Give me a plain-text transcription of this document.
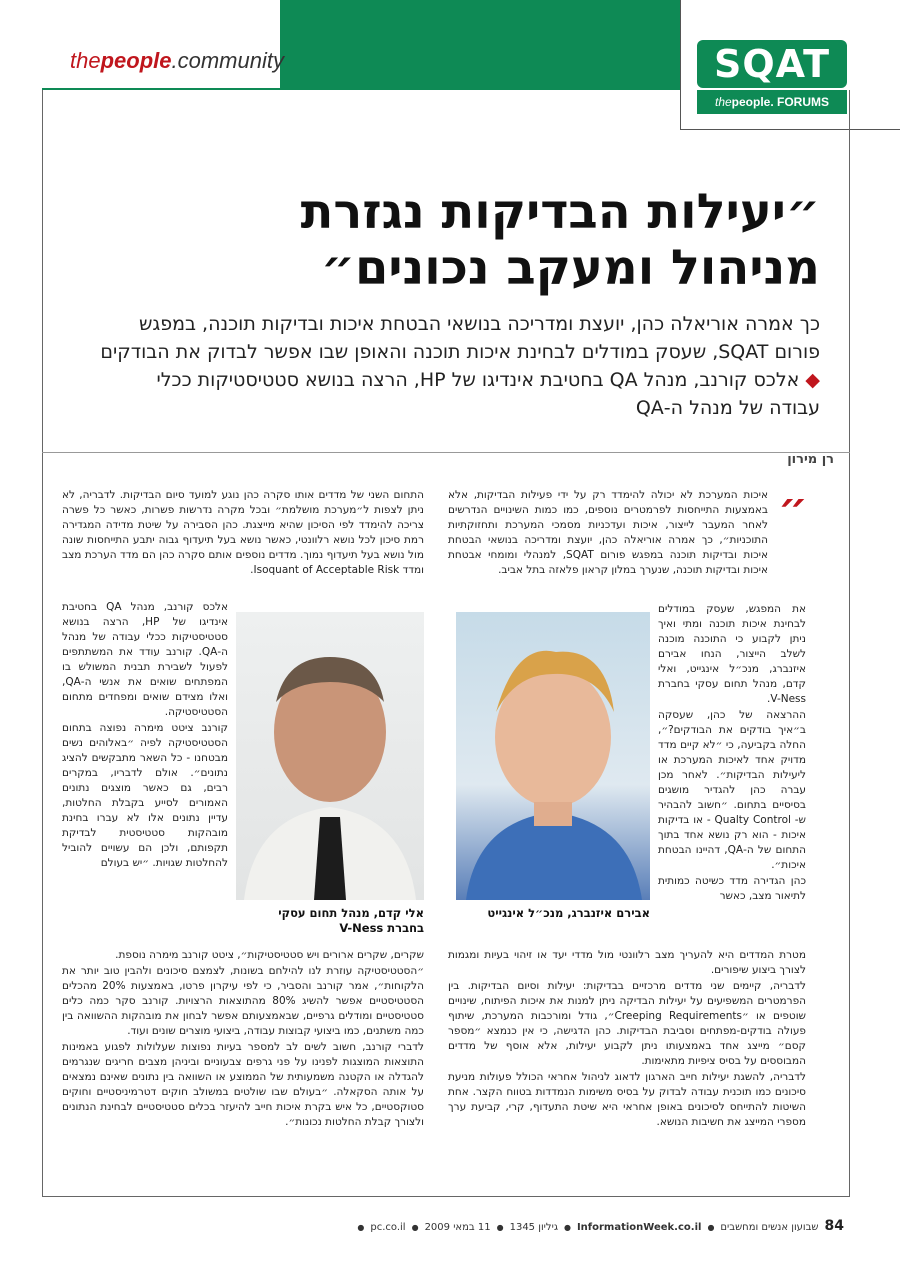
thepeople.community	SQAT
thepeople. FORUMS
״יעילות הבדיקות נגזרת
מניהול ומעקב נכונים״
כך אמרה אוריאלה כהן, יועצת ומדריכה בנושאי הבטחת איכות ובדיקות תוכנה, במפגש פורום SQAT, שעסק במודלים לבחינת איכות תוכנה והאופן שבו אפשר לבדוק את הבודקים ◆ אלכס קורנב, מנהל QA בחטיבת אינדיגו של HP, הרצה בנושא סטטיסטיקות ככלי עבודה של מנהל ה-QA
רן מירון
״

איכות המערכת לא יכולה להימדד רק על ידי פעילות הבדיקות, אלא באמצעות התייחסות לפרמטרים נוספים, כמו כמות השינויים הנדרשים לאחר המעבר לייצור, איכות ועדכניות מסמכי המערכת ותחזוקתיות התוכניות״, כך אמרה אוריאלה כהן, יועצת ומדריכה בנושאי הבטחת איכות ובדיקות תוכנה במפגש פורום SQAT, למנהלי ומומחי אבטחת איכות ובדיקות תוכנה, שנערך במלון קראון פלאזה בתל אביב.

את המפגש, שעסק במודלים לבחינת איכות תוכנה ומתי ואיך ניתן לקבוע כי התוכנה מוכנה לשלב הייצור, הנחו אבירם איזנברג, מנכ״ל אינגייט, ואלי קדם, מנהל תחום עסקי בחברת V-Ness.

ההרצאה של כהן, שעסקה ב״איך בודקים את הבודקים?״, החלה בקביעה, כי ״לא קיים מדד מדויק אחד לאיכות המערכת או ליעילות הבדיקות״. לאחר מכן עברה כהן להגדיר מושגים בסיסיים בתחום. ״חשוב להבהיר ש- Qualty Control - או בדיקות איכות - הוא רק נושא אחד בתוך התחום של ה-QA, דהיינו הבטחת איכות״.

כהן הגדירה מדד כשיטה כמותית לתיאור מצב, כאשר

אבירם איזנברג, מנכ״ל אינגייט

מטרת המדדים היא להעריך מצב רלוונטי מול מדדי יעד או זיהוי בעיות ומגמות לצורך ביצוע שיפורים.

לדבריה, קיימים שני מדדים מרכזיים בבדיקות: יעילות וסיום הבדיקות. בין הפרמטרים המשפיעים על יעילות הבדיקה ניתן למנות את איכות הפיתוח, שינויים שוטפים או ״Creeping Requirements״, גודל ומורכבות המערכת, שיתוף פעולה בודקים-מפתחים וסביבת הבדיקות. כהן הדגישה, כי אין כנמצא ״מספר קסם״ מייצג אחד באמצעותו ניתן לקבוע יעילות, אלא אוסף של מדדים המבוססים על בסיס ציפיות מתאימות.

לדבריה, להשגת יעילות חייב הארגון לדאוג לניהול אחראי הכולל פעולות מניעת סיכונים כמו תוכנית עבודה לבדוק על בסיס משימות הנמדדות בטווח הקצר. אחת השיטות להתייחס לסיכונים באופן אחראי היא שיטת התעדוף, קרי, קביעת ערך מספרי המייצג את חשיבות הנושא.

התחום השני של מדדים אותו סקרה כהן נוגע למועד סיום הבדיקות. לדבריה, לא ניתן לצפות ל״מערכת מושלמת״ ובכל מקרה נדרשות פשרות, כאשר כל פשרה צריכה להימדד לפי הסיכון שהיא מייצגת. כהן הסבירה על שיטת מדידה המגדירה רמת סיכון לכל נושא רלוונטי, כאשר נושא בעל תיעדוף גבוה יתבע התייחסות שונה מול נושא בעל תיעדוף נמוך. מדדים נוספים אותם סקרה כהן הם מדד הערכת מצב ומדד Isoquant of Acceptable Risk.

אלכס קורנב, מנהל QA בחטיבת אינדיגו של HP, הרצה בנושא סטטיסטיקות ככלי עבודה של מנהל ה-QA. קורנב עודד את המשתתפים לפעול לשבירת תבנית המשולש בו המפתחים שואים את אנשי ה-QA, ואלו מצידם שואים ומפחדים מתחום הסטטיסטיקה.

קורנב ציטט מימרה נפוצה בתחום הסטטיסטיקה לפיה ״באלוהים נשים מבטחנו - כל השאר מתבקשים להציג נתונים״. אולם לדבריו, במקרים רבים, גם כאשר מוצגים נתונים האמורים לסייע בקבלת החלטות, עדיין נתונים אלו לא עברו בחינת מובהקות סטטיסטית לבדיקת תקפותם, ולכן הם עשויים להוביל להחלטות שגויות. ״יש בעולם

אלי קדם, מנהל תחום עסקי
בחברת V-Ness

שקרים, שקרים ארורים ויש סטטיסטיקות״, ציטט קורנב מימרה נוספת.

״הסטטיסטיקה עוזרת לנו להילחם בשונות, לצמצם סיכונים ולהבין טוב יותר את הלקוחות״, אמר קורנב והסביר, כי לפי עיקרון פרטו, באמצעות 20% מהכלים הסטטיסטיים אפשר להשיג 80% מהתוצאות הרצויות. קורנב סקר כמה כלים סטטיסטיים ומודלים גרפיים, שבאמצעותם אפשר לבחון את מובהקות ההשוואה בין כמה משתנים, כמו ביצועי קבוצות עבודה, ביצועי מוצרים שונים ועוד.

לדברי קורנב, חשוב לשים לב למספר בעיות נפוצות שעלולות לפגוע באמינות התוצאות המוצגות לפנינו על פני גרפים צבעוניים וביניהן מצבים חריגים שנגרמים להגדלה או הקטנה משמעותית של הממוצע או השוואה בין נתונים שאינם נמצאים על אותה הסקאלה. ״בעולם שבו שולטים במשולב חוקים דטרמיניסטיים וחוקים סטוקסטיים, כל איש בקרת איכות חייב להיעזר בכלים סטטיסטיים לבחינת הנתונים ולצורך קבלת החלטות נכונות״.

84
שבועון אנשים ומחשבים
●
InformationWeek.co.il
●
גיליון 1345
●
11 במאי 2009
●
pc.co.il
●
